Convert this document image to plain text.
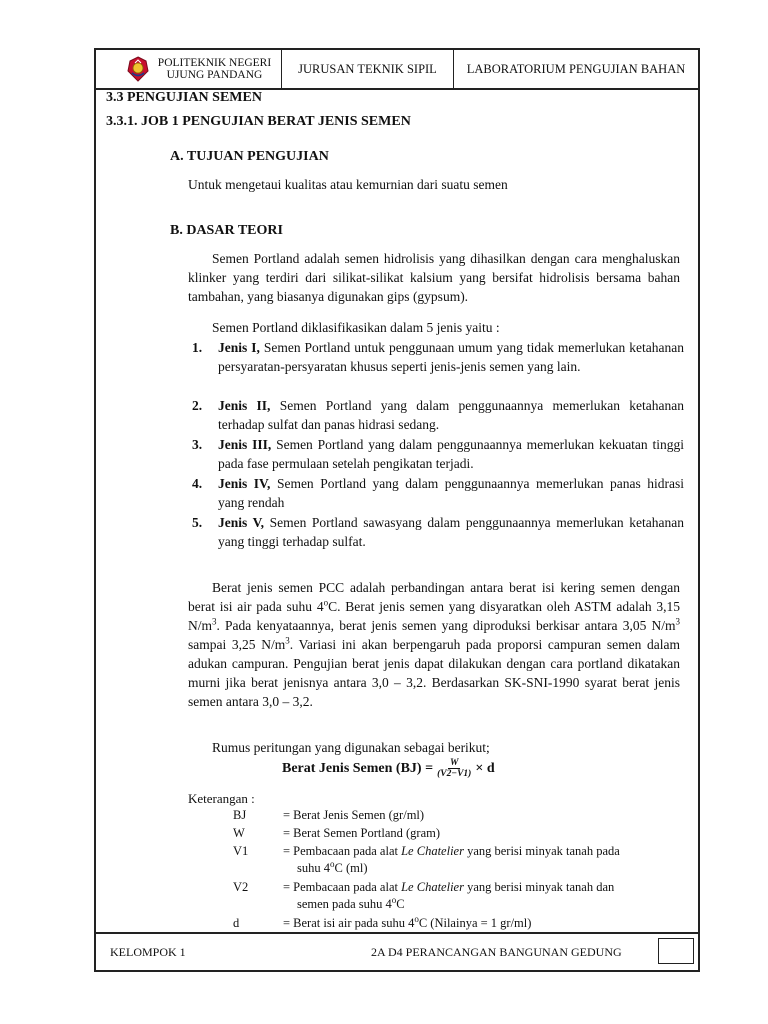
POLITEKNIK NEGERI
UJUNG PANDANG	JURUSAN TEKNIK SIPIL	LABORATORIUM PENGUJIAN BAHAN
3.3 PENGUJIAN SEMEN
3.3.1. JOB 1 PENGUJIAN BERAT JENIS SEMEN
A. TUJUAN PENGUJIAN
Untuk mengetaui kualitas atau kemurnian dari suatu semen
B. DASAR TEORI
Semen Portland adalah semen hidrolisis yang dihasilkan dengan cara menghaluskan klinker yang terdiri dari silikat-silikat kalsium yang bersifat hidrolisis bersama bahan tambahan, yang biasanya digunakan gips (gypsum).
Semen Portland diklasifikasikan dalam 5 jenis yaitu :
1. Jenis I, Semen Portland untuk penggunaan umum yang tidak memerlukan ketahanan persyaratan-persyaratan khusus seperti jenis-jenis semen yang lain.
2. Jenis II, Semen Portland yang dalam penggunaannya memerlukan ketahanan terhadap sulfat dan panas hidrasi sedang.
3. Jenis III, Semen Portland yang dalam penggunaannya memerlukan kekuatan tinggi pada fase permulaan setelah pengikatan terjadi.
4. Jenis IV, Semen Portland yang dalam penggunaannya memerlukan panas hidrasi yang rendah
5. Jenis V, Semen Portland sawasyang dalam penggunaannya memerlukan ketahanan yang tinggi terhadap sulfat.
Berat jenis semen PCC adalah perbandingan antara berat isi kering semen dengan berat isi air pada suhu 4$^o$C. Berat jenis semen yang disyaratkan oleh ASTM adalah 3,15 $N/m^3$. Pada kenyataannya, berat jenis semen yang diproduksi berkisar antara 3,05 $N/m^3$ sampai 3,25 $N/m^3$. Variasi ini akan berpengaruh pada proporsi campuran semen dalam adukan campuran. Pengujian berat jenis dapat dilakukan dengan cara portland dikatakan murni jika berat jenisnya antara 3,0 – 3,2. Berdasarkan SK-SNI-1990 syarat berat jenis semen antara 3,0 – 3,2.
Rumus peritungan yang digunakan sebagai berikut;
Berat Jenis Semen $(BJ) = \frac{W}{(V2-V1)} \times d$
Keterangan :
BJ	= Berat Jenis Semen (gr/ml)
W	= Berat Semen Portland (gram)
V1	= Pembacaan pada alat Le Chatelier yang berisi minyak tanah pada
suhu 4$^o$C (ml)
V2	= Pembacaan pada alat Le Chatelier yang berisi minyak tanah dan
semen pada suhu 4$^o$C
d	= Berat isi air pada suhu 4$^o$C (Nilainya = 1 gr/ml)
KELOMPOK 1	2A D4 PERANCANGAN BANGUNAN GEDUNG
